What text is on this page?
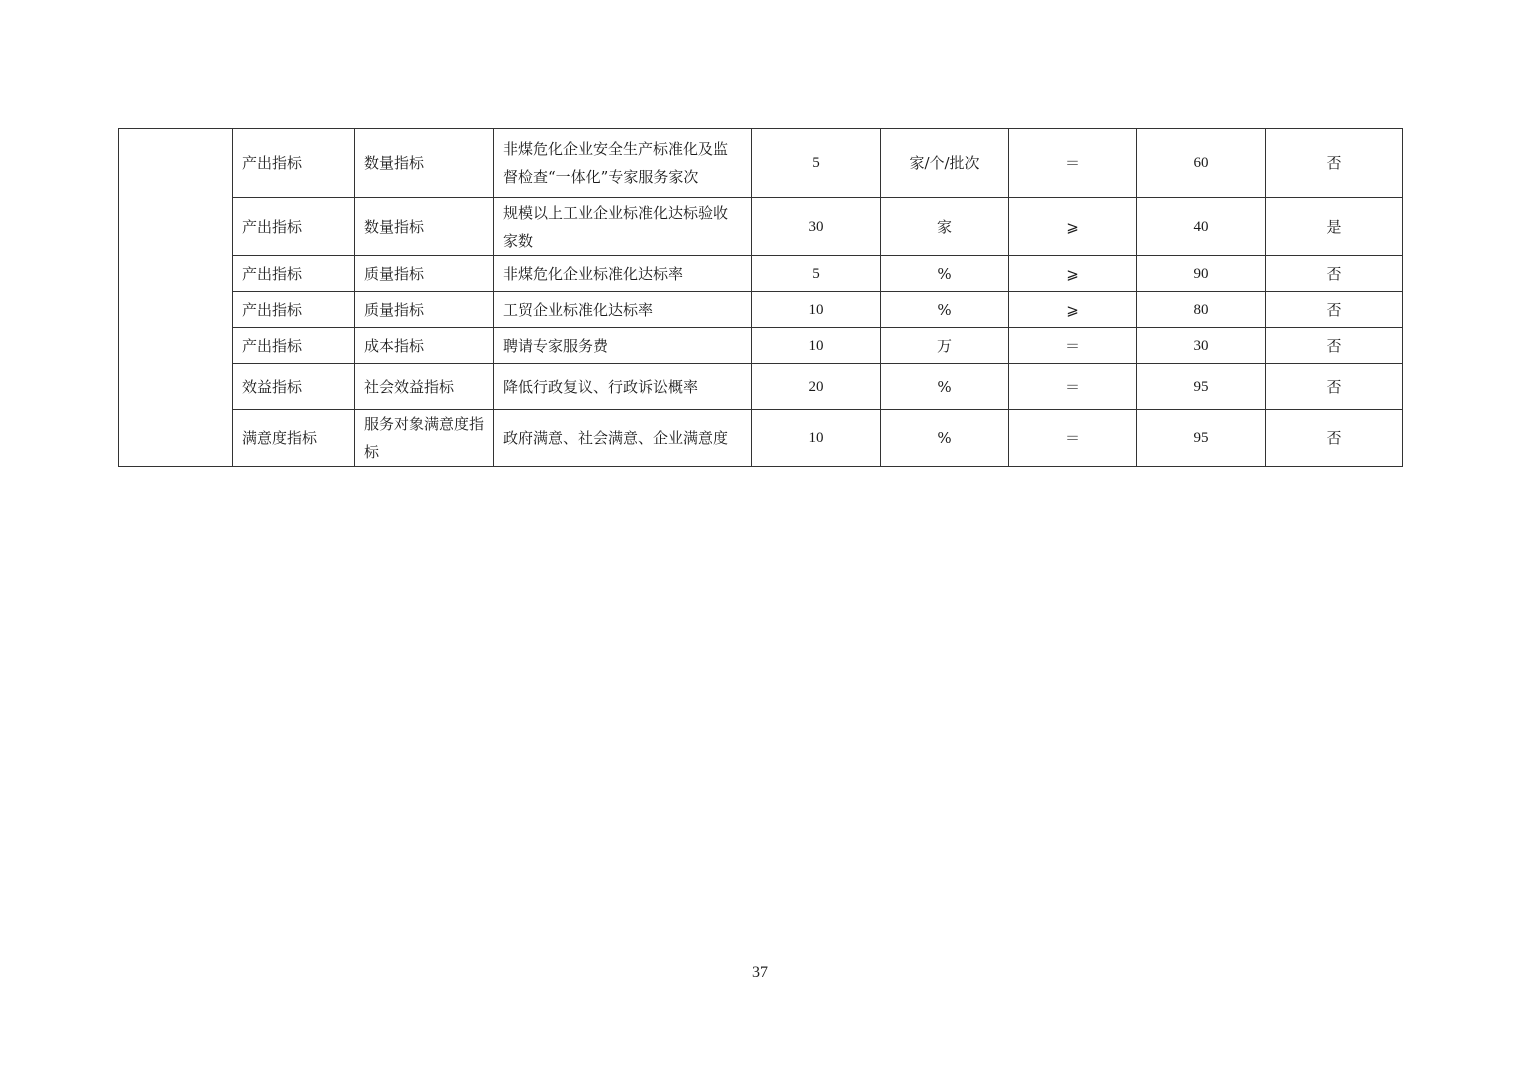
	产出指标	数量指标	非煤危化企业安全生产标准化及监督检查“一体化”专家服务家次	5	家/个/批次	＝	60	否
	产出指标	数量指标	规模以上工业企业标准化达标验收家数	30	家	⩾	40	是
	产出指标	质量指标	非煤危化企业标准化达标率	5	%	⩾	90	否
	产出指标	质量指标	工贸企业标准化达标率	10	%	⩾	80	否
	产出指标	成本指标	聘请专家服务费	10	万	＝	30	否
	效益指标	社会效益指标	降低行政复议、行政诉讼概率	20	%	＝	95	否
	满意度指标	服务对象满意度指标	政府满意、社会满意、企业满意度	10	%	＝	95	否
37
